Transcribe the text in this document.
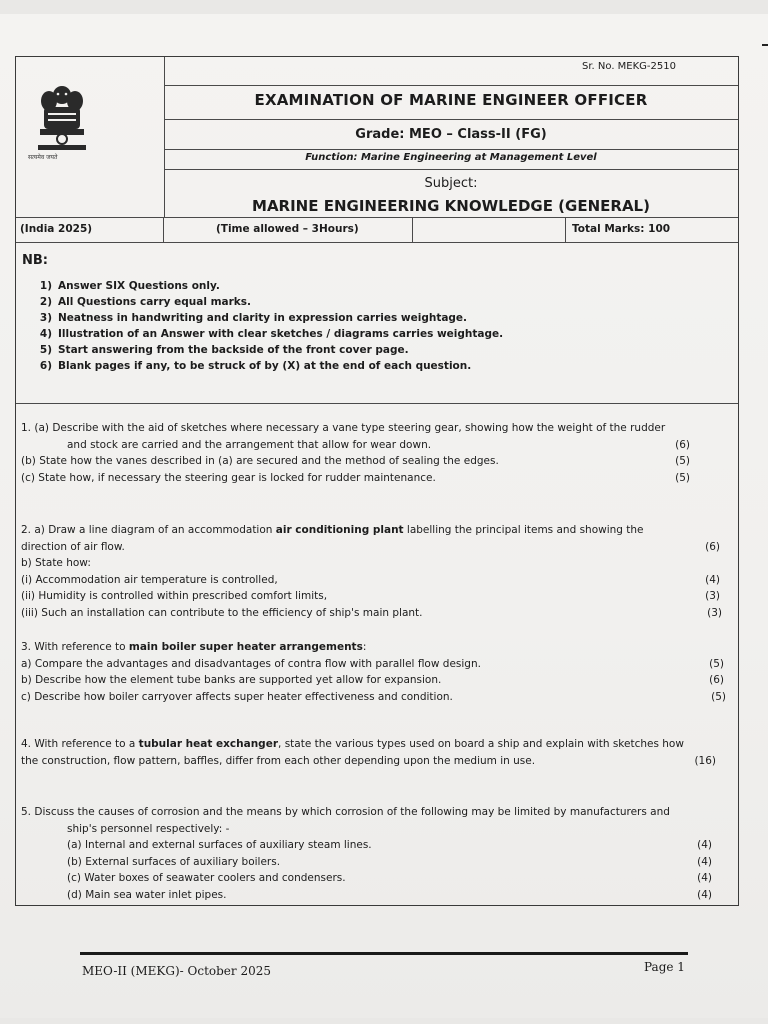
सत्यमेव जयते
Sr. No. MEKG-2510
EXAMINATION OF MARINE ENGINEER OFFICER
Grade: MEO – Class-II (FG)
Function: Marine Engineering at Management Level
Subject:
MARINE ENGINEERING KNOWLEDGE (GENERAL)
(India 2025)	(Time allowed – 3Hours)	Total Marks: 100
NB:
1) Answer SIX Questions only.
2) All Questions carry equal marks.
3) Neatness in handwriting and clarity in expression carries weightage.
4) Illustration of an Answer with clear sketches / diagrams carries weightage.
5) Start answering from the backside of the front cover page.
6) Blank pages if any, to be struck of by (X) at the end of each question.
1. (a) Describe with the aid of sketches where necessary a vane type steering gear, showing how the weight of the rudder
and stock are carried and the arrangement that allow for wear down.	(6)
(b) State how the vanes described in (a) are secured and the method of sealing the edges.	(5)
(c) State how, if necessary the steering gear is locked for rudder maintenance.	(5)
2. a) Draw a line diagram of an accommodation air conditioning plant labelling the principal items and showing the
direction of air flow.	(6)
b) State how:
(i) Accommodation air temperature is controlled,	(4)
(ii) Humidity is controlled within prescribed comfort limits,	(3)
(iii) Such an installation can contribute to the efficiency of ship's main plant.	(3)
3. With reference to main boiler super heater arrangements:
a) Compare the advantages and disadvantages of contra flow with parallel flow design.	(5)
b) Describe how the element tube banks are supported yet allow for expansion.	(6)
c) Describe how boiler carryover affects super heater effectiveness and condition.	(5)
4. With reference to a tubular heat exchanger, state the various types used on board a ship and explain with sketches how
the construction, flow pattern, baffles, differ from each other depending upon the medium in use.	(16)
5. Discuss the causes of corrosion and the means by which corrosion of the following may be limited by manufacturers and
ship's personnel respectively: -
(a) Internal and external surfaces of auxiliary steam lines.	(4)
(b) External surfaces of auxiliary boilers.	(4)
(c) Water boxes of seawater coolers and condensers.	(4)
(d) Main sea water inlet pipes.	(4)
MEO-II (MEKG)- October 2025	Page 1
